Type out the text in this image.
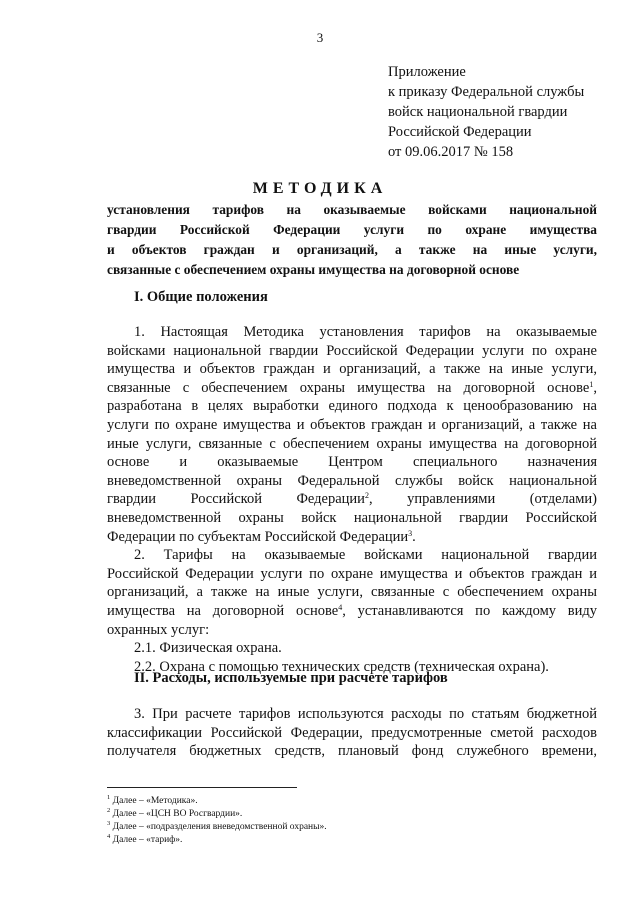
3
Приложение
к приказу Федеральной службы
войск национальной гвардии
Российской Федерации
от 09.06.2017 № 158
МЕТОДИКА
установления тарифов на оказываемые войсками национальной
гвардии Российской Федерации услуги по охране имущества
и объектов граждан и организаций, а также на иные услуги,
связанные с обеспечением охраны имущества на договорной основе
I. Общие положения
1. Настоящая Методика установления тарифов на оказываемые
войсками национальной гвардии Российской Федерации услуги по охране
имущества и объектов граждан и организаций, а также на иные услуги,
связанные с обеспечением охраны имущества на договорной основе$^1$,
разработана в целях выработки единого подхода к ценообразованию на
услуги по охране имущества и объектов граждан и организаций, а также на
иные услуги, связанные с обеспечением охраны имущества на договорной
основе и оказываемые Центром специального назначения
вневедомственной охраны Федеральной службы войск национальной
гвардии Российской Федерации$^2$, управлениями (отделами)
вневедомственной охраны войск национальной гвардии Российской
Федерации по субъектам Российской Федерации$^3$.
2. Тарифы на оказываемые войсками национальной гвардии
Российской Федерации услуги по охране имущества и объектов граждан и
организаций, а также на иные услуги, связанные с обеспечением охраны
имущества на договорной основе$^4$, устанавливаются по каждому виду
охранных услуг:
2.1. Физическая охрана.
2.2. Охрана с помощью технических средств (техническая охрана).
II. Расходы, используемые при расчете тарифов
3. При расчете тарифов используются расходы по статьям бюджетной
классификации Российской Федерации, предусмотренные сметой расходов
получателя бюджетных средств, плановый фонд служебного времени,
$^1$ Далее – «Методика».
$^2$ Далее – «ЦСН ВО Росгвардии».
$^3$ Далее – «подразделения вневедомственной охраны».
$^4$ Далее – «тариф».
